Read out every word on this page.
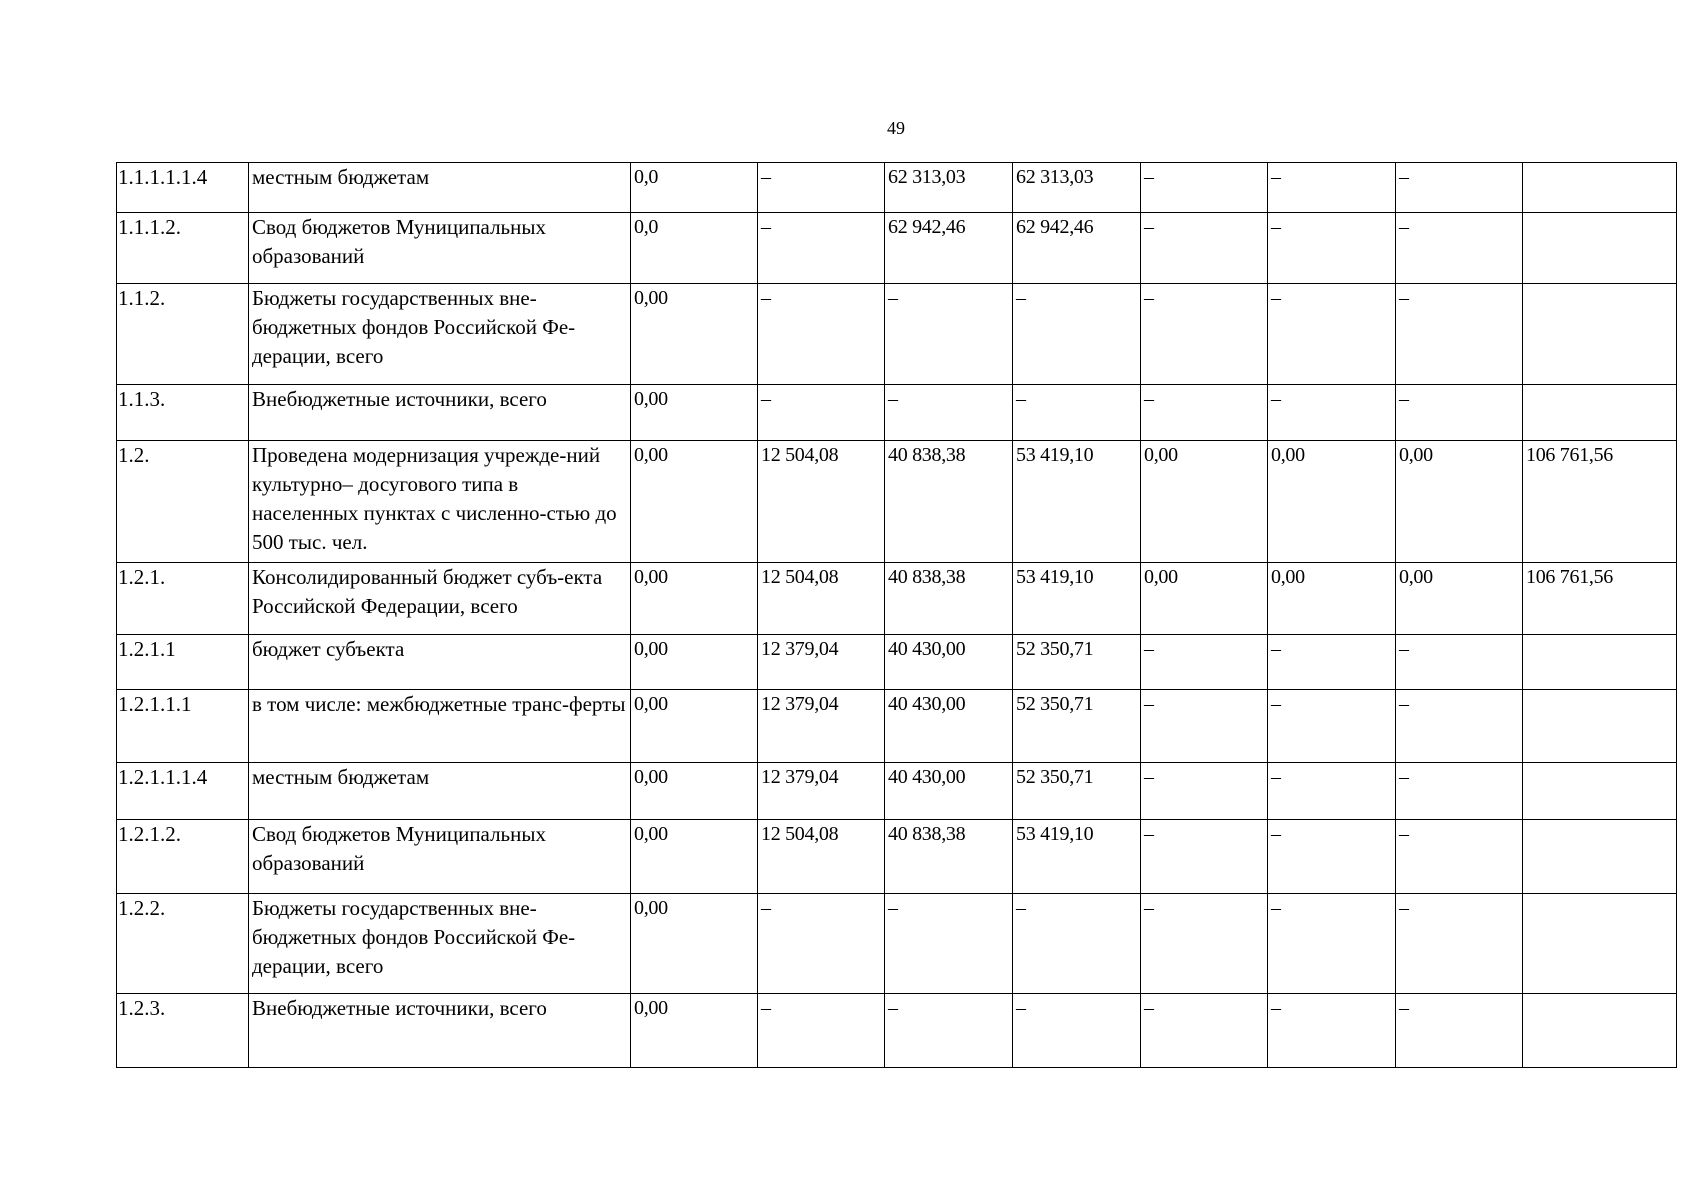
49
1.1.1.1.1.4	местным бюджетам	0,0	–	62 313,03	62 313,03	–	–	–	
1.1.1.2.	Свод бюджетов Муниципальных образований	0,0	–	62 942,46	62 942,46	–	–	–	
1.1.2.	Бюджеты государственных вне-бюджетных фондов Российской Фе-дерации, всего	0,00	–	–	–	–	–	–	
1.1.3.	Внебюджетные источники, всего	0,00	–	–	–	–	–	–	
1.2.	Проведена модернизация учрежде-ний культурно– досугового типа в населенных пунктах с численно-стью до 500 тыс. чел.	0,00	12 504,08	40 838,38	53 419,10	0,00	0,00	0,00	106 761,56
1.2.1.	Консолидированный бюджет субъ-екта Российской Федерации, всего	0,00	12 504,08	40 838,38	53 419,10	0,00	0,00	0,00	106 761,56
1.2.1.1	бюджет субъекта	0,00	12 379,04	40 430,00	52 350,71	–	–	–	
1.2.1.1.1	в том числе: межбюджетные транс-ферты	0,00	12 379,04	40 430,00	52 350,71	–	–	–	
1.2.1.1.1.4	местным бюджетам	0,00	12 379,04	40 430,00	52 350,71	–	–	–	
1.2.1.2.	Свод бюджетов Муниципальных образований	0,00	12 504,08	40 838,38	53 419,10	–	–	–	
1.2.2.	Бюджеты государственных вне-бюджетных фондов Российской Фе-дерации, всего	0,00	–	–	–	–	–	–	
1.2.3.	Внебюджетные источники, всего	0,00	–	–	–	–	–	–	
